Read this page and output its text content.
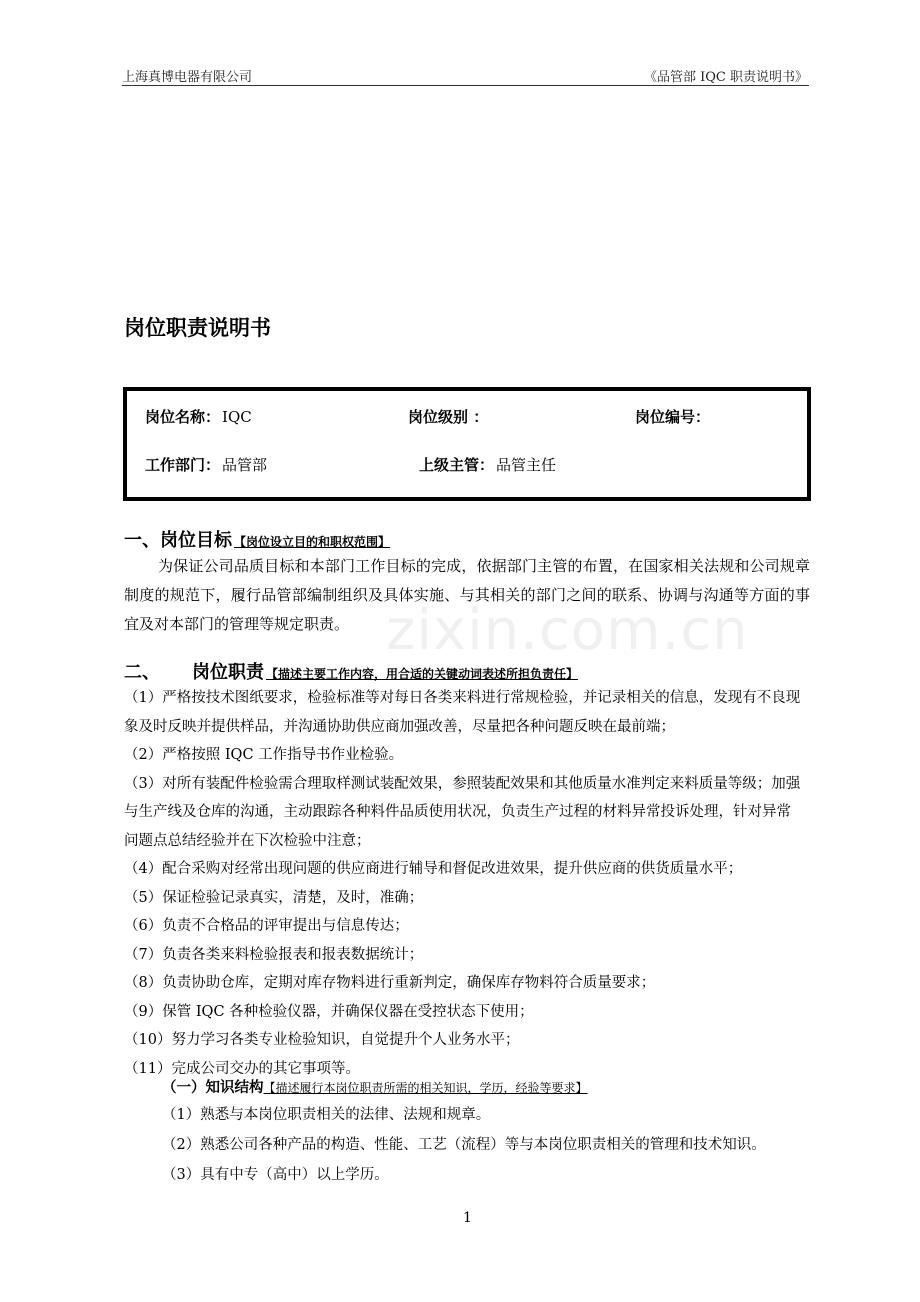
上海真博电器有限公司	《品管部 IQC 职责说明书》
岗位职责说明书
岗位名称： IQC	岗位级别 ：	岗位编号：
工作部门： 品管部	上级主管： 品管主任
一、岗位目标 【岗位设立目的和职权范围】
为保证公司品质目标和本部门工作目标的完成，依据部门主管的布置，在国家相关法规和公司规章制度的规范下，履行品管部编制组织及具体实施、与其相关的部门之间的联系、协调与沟通等方面的事宜及对本部门的管理等规定职责。 zixin.com.cn
二、 岗位职责 【描述主要工作内容，用合适的关键动词表述所担负责任】
（1）严格按技术图纸要求，检验标准等对每日各类来料进行常规检验，并记录相关的信息，发现有不良现象及时反映并提供样品，并沟通协助供应商加强改善，尽量把各种问题反映在最前端；
（2）严格按照 IQC 工作指导书作业检验。
（3）对所有装配件检验需合理取样测试装配效果，参照装配效果和其他质量水准判定来料质量等级；加强与生产线及仓库的沟通，主动跟踪各种料件品质使用状况，负责生产过程的材料异常投诉处理，针对异常问题点总结经验并在下次检验中注意；
（4）配合采购对经常出现问题的供应商进行辅导和督促改进效果，提升供应商的供货质量水平；
（5）保证检验记录真实，清楚，及时，准确；
（6）负责不合格品的评审提出与信息传达；
（7）负责各类来料检验报表和报表数据统计；
（8）负责协助仓库，定期对库存物料进行重新判定，确保库存物料符合质量要求；
（9）保管 IQC 各种检验仪器，并确保仪器在受控状态下使用；
（10）努力学习各类专业检验知识，自觉提升个人业务水平；
（11）完成公司交办的其它事项等。
（一）知识结构【描述履行本岗位职责所需的相关知识，学历，经验等要求】
（1）熟悉与本岗位职责相关的法律、法规和规章。
（2）熟悉公司各种产品的构造、性能、工艺（流程）等与本岗位职责相关的管理和技术知识。
（3）具有中专（高中）以上学历。
1
